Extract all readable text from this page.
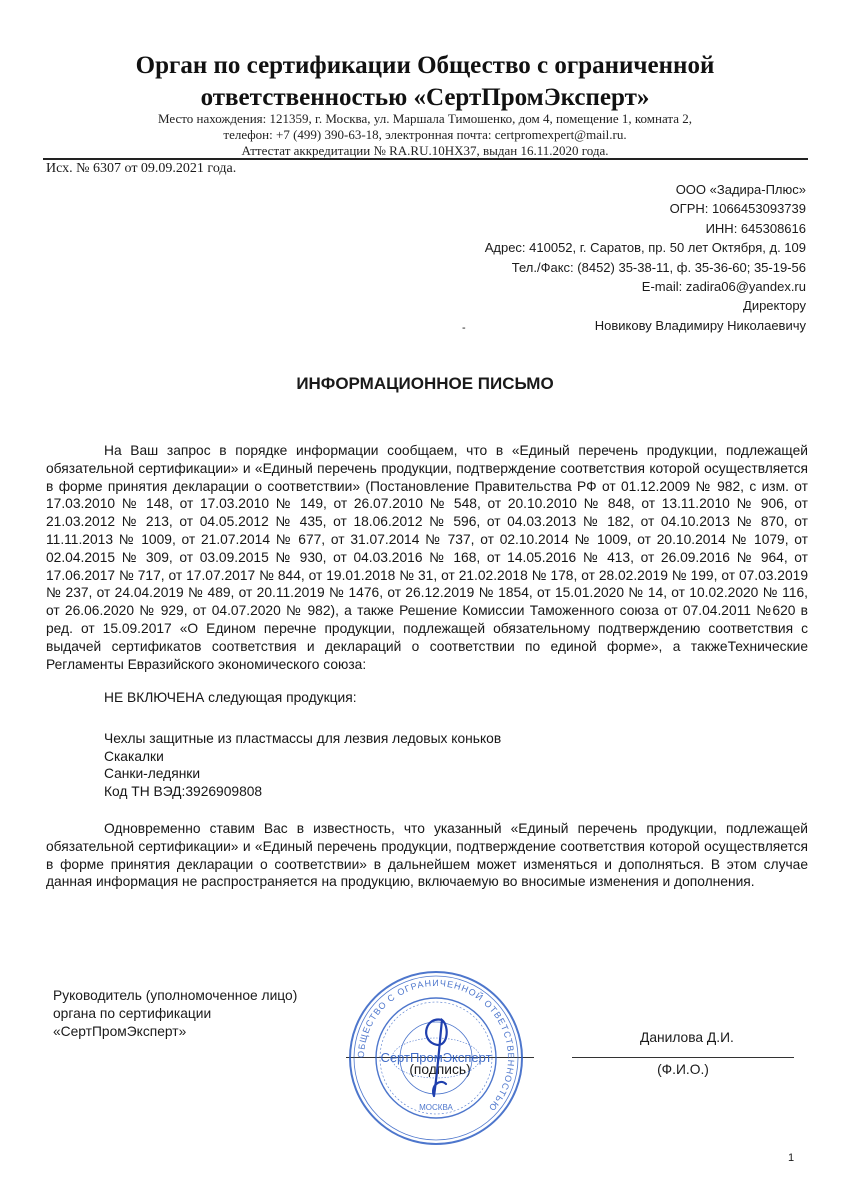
Орган по сертификации Общество с ограниченной
ответственностью «СертПромЭксперт»
Место нахождения: 121359, г. Москва, ул. Маршала Тимошенко, дом 4, помещение 1, комната 2,
телефон: +7 (499) 390-63-18, электронная почта: certpromexpert@mail.ru.
Аттестат аккредитации № RA.RU.10НХ37, выдан 16.11.2020 года.
Исх. № 6307 от 09.09.2021 года.
ООО «Задира-Плюс»
ОГРН: 1066453093739
ИНН: 645308616
Адрес: 410052, г. Саратов, пр. 50 лет Октября, д. 109
Тел./Факс: (8452) 35-38-11, ф. 35-36-60; 35-19-56
E-mail: zadira06@yandex.ru
Директору
Новикову Владимиру Николаевичу
-
ИНФОРМАЦИОННОЕ ПИСЬМО
На Ваш запрос в порядке информации сообщаем, что в «Единый перечень продукции, подлежащей обязательной сертификации» и «Единый перечень продукции, подтверждение соответствия которой осуществляется в форме принятия декларации о соответствии» (Постановление Правительства РФ от 01.12.2009 № 982, с изм. от 17.03.2010 № 148, от 17.03.2010 № 149, от 26.07.2010 № 548, от 20.10.2010 № 848, от 13.11.2010 № 906, от 21.03.2012 № 213, от 04.05.2012 № 435, от 18.06.2012 № 596, от 04.03.2013 № 182, от 04.10.2013 № 870, от 11.11.2013 № 1009, от 21.07.2014 № 677, от 31.07.2014 № 737, от 02.10.2014 № 1009, от 20.10.2014 № 1079, от 02.04.2015 № 309, от 03.09.2015 № 930, от 04.03.2016 № 168, от 14.05.2016 № 413, от 26.09.2016 № 964, от 17.06.2017 № 717, от 17.07.2017 № 844, от 19.01.2018 № 31, от 21.02.2018 № 178, от 28.02.2019 № 199, от 07.03.2019 № 237, от 24.04.2019 № 489, от 20.11.2019 № 1476, от 26.12.2019 № 1854, от 15.01.2020 № 14, от 10.02.2020 № 116, от 26.06.2020 № 929, от 04.07.2020 № 982), а также Решение Комиссии Таможенного союза от 07.04.2011 №620 в ред. от 15.09.2017 «О Едином перечне продукции, подлежащей обязательному подтверждению соответствия с выдачей сертификатов соответствия и деклараций о соответствии по единой форме», а такжеТехнические Регламенты Евразийского экономического союза:
НЕ ВКЛЮЧЕНА следующая продукция:
Чехлы защитные из пластмассы для лезвия ледовых коньков
Скакалки
Санки-ледянки
Код ТН ВЭД:3926909808
Одновременно ставим Вас в известность, что указанный «Единый перечень продукции, подлежащей обязательной сертификации» и «Единый перечень продукции, подтверждение соответствия которой осуществляется в форме принятия декларации о соответствии» в дальнейшем может изменяться и дополняться. В этом случае данная информация не распространяется на продукцию, включаемую во вносимые изменения и дополнения.
Руководитель (уполномоченное лицо)
органа по сертификации
«СертПромЭксперт»	Данилова Д.И.
(подпись)	(Ф.И.О.)
ОБЩЕСТВО С ОГРАНИЧЕННОЙ ОТВЕТСТВЕННОСТЬЮ
СертПромЭксперт
МОСКВА
1
